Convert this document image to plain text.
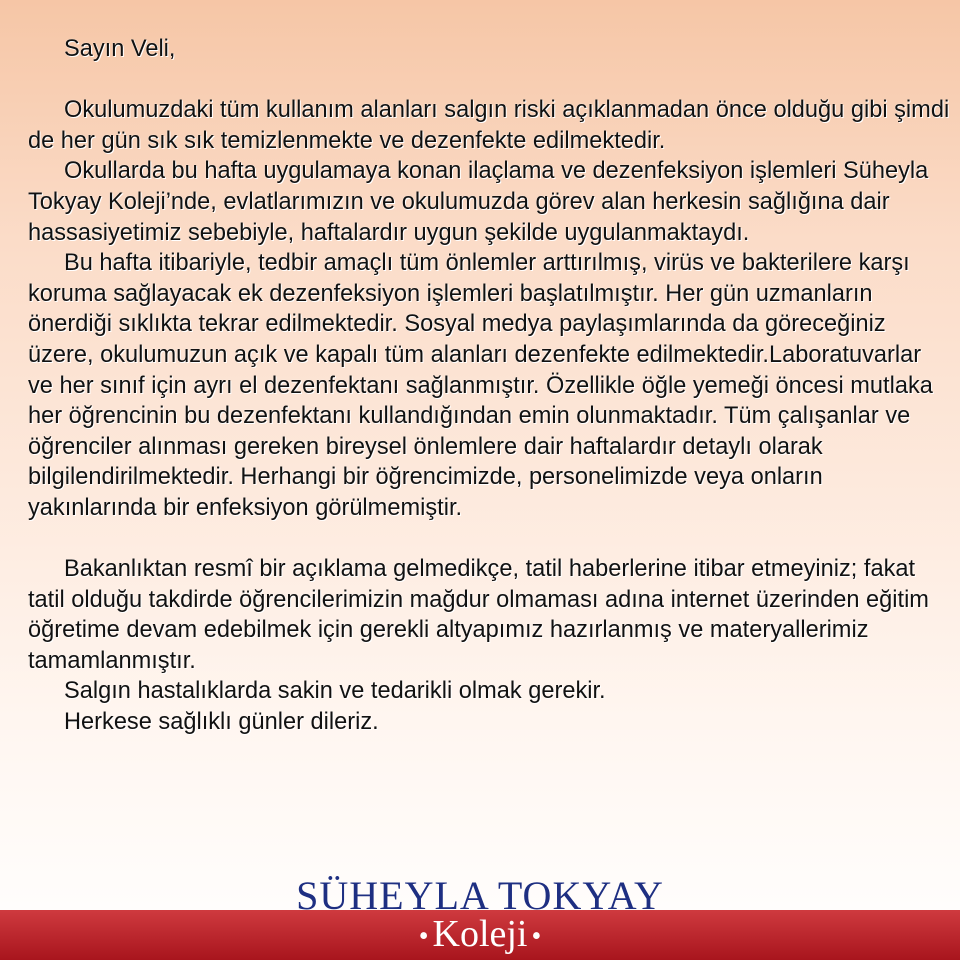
Sayın Veli,

Okulumuzdaki tüm kullanım alanları salgın riski açıklanmadan önce olduğu gibi şimdi de her gün sık sık temizlenmekte ve dezenfekte edilmektedir.

Okullarda bu hafta uygulamaya konan ilaçlama ve dezenfeksiyon işlemleri Süheyla Tokyay Koleji’nde, evlatlarımızın ve okulumuzda görev alan herkesin sağlığına dair hassasiyetimiz sebebiyle, haftalardır uygun şekilde uygulanmaktaydı.

Bu hafta itibariyle, tedbir amaçlı tüm önlemler arttırılmış, virüs ve bakterilere karşı koruma sağlayacak ek dezenfeksiyon işlemleri başlatılmıştır. Her gün uzmanların önerdiği sıklıkta tekrar edilmektedir. Sosyal medya paylaşımlarında da göreceğiniz üzere, okulumuzun açık ve kapalı tüm alanları dezenfekte edilmektedir.Laboratuvarlar ve her sınıf için ayrı el dezenfektanı sağlanmıştır. Özellikle öğle yemeği öncesi mutlaka her öğrencinin bu dezenfektanı kullandığından emin olunmaktadır. Tüm çalışanlar ve öğrenciler alınması gereken bireysel önlemlere dair haftalardır detaylı olarak bilgilendirilmektedir. Herhangi bir öğrencimizde, personelimizde veya onların yakınlarında bir enfeksiyon görülmemiştir.

Bakanlıktan resmî bir açıklama gelmedikçe, tatil haberlerine itibar etmeyiniz; fakat tatil olduğu takdirde öğrencilerimizin mağdur olmaması adına internet üzerinden eğitim öğretime devam edebilmek için gerekli altyapımız hazırlanmış ve materyallerimiz tamamlanmıştır.

Salgın hastalıklarda sakin ve tedarikli olmak gerekir.

Herkese sağlıklı günler dileriz.

SÜHEYLA TOKYAY
• Koleji •
